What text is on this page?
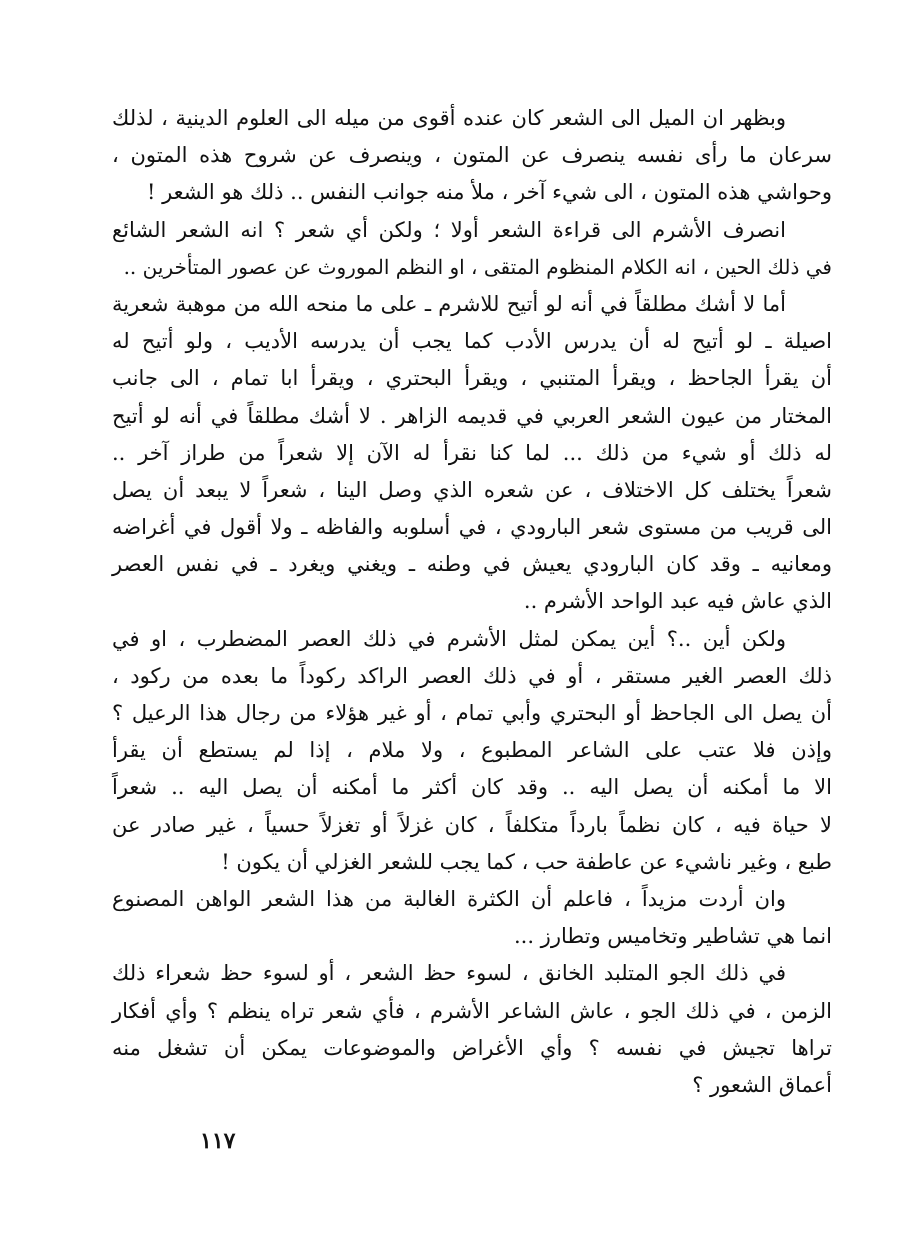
وبظهر ان الميل الى الشعر كان عنده أقوى من ميله الى العلوم الدينية ، لذلك
سرعان ما رأى نفسه ينصرف عن المتون ، وينصرف عن شروح هذه المتون ،
وحواشي هذه المتون ، الى شيء آخر ، ملأ منه جوانب النفس .. ذلك هو الشعر !
انصرف الأشرم الى قراءة الشعر أولا ؛ ولكن أي شعر ؟ انه الشعر الشائع
في ذلك الحين ، انه الكلام المنظوم المتقى ، او النظم الموروث عن عصور المتأخرين ..
أما لا أشك مطلقاً في أنه لو أتيح للاشرم ـ على ما منحه الله من موهبة شعرية
اصيلة ـ لو أتيح له أن يدرس الأدب كما يجب أن يدرسه الأديب ، ولو أتيح له
أن يقرأ الجاحظ ، ويقرأ المتنبي ، ويقرأ البحتري ، ويقرأ ابا تمام ، الى جانب
المختار من عيون الشعر العربي في قديمه الزاهر . لا أشك مطلقاً في أنه لو أتيح
له ذلك أو شيء من ذلك ... لما كنا نقرأ له الآن إلا شعراً من طراز آخر ..
شعراً يختلف كل الاختلاف ، عن شعره الذي وصل الينا ، شعراً لا يبعد أن يصل
الى قريب من مستوى شعر البارودي ، في أسلوبه والفاظه ـ ولا أقول في أغراضه
ومعانيه ـ وقد كان البارودي يعيش في وطنه ـ ويغني ويغرد ـ في نفس العصر
الذي عاش فيه عبد الواحد الأشرم ..
ولكن أين ..؟ أين يمكن لمثل الأشرم في ذلك العصر المضطرب ، او في
ذلك العصر الغير مستقر ، أو في ذلك العصر الراكد ركوداً ما بعده من ركود ،
أن يصل الى الجاحظ أو البحتري وأبي تمام ، أو غير هؤلاء من رجال هذا الرعيل ؟
وإذن فلا عتب على الشاعر المطبوع ، ولا ملام ، إذا لم يستطع أن يقرأ
الا ما أمكنه أن يصل اليه .. وقد كان أكثر ما أمكنه أن يصل اليه .. شعراً
لا حياة فيه ، كان نظماً بارداً متكلفاً ، كان غزلاً أو تغزلاً حسياً ، غير صادر عن
طبع ، وغير ناشيء عن عاطفة حب ، كما يجب للشعر الغزلي أن يكون !
وان أردت مزيداً ، فاعلم أن الكثرة الغالبة من هذا الشعر الواهن المصنوع
انما هي تشاطير وتخاميس وتطارز ...
في ذلك الجو المتلبد الخانق ، لسوء حظ الشعر ، أو لسوء حظ شعراء ذلك
الزمن ، في ذلك الجو ، عاش الشاعر الأشرم ، فأي شعر تراه ينظم ؟ وأي أفكار
تراها تجيش في نفسه ؟ وأي الأغراض والموضوعات يمكن أن تشغل منه
أعماق الشعور ؟
١١٧
